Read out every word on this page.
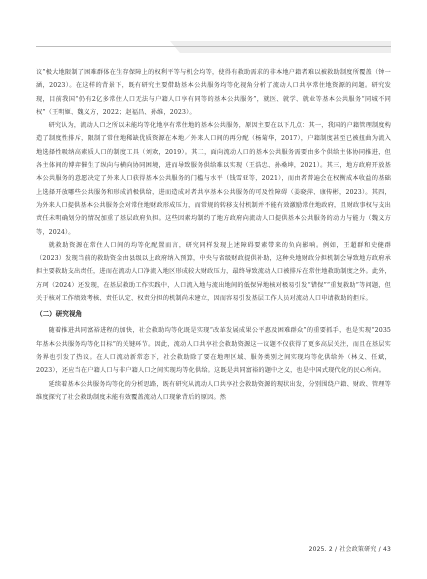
议”极大地限制了困难群体在生存保障上的权利平等与机会均等，使得有救助需求的非本地户籍者难以被救助制度所覆盖（钟一涵，2023）。在这样的背景下，既有研究主要借助基本公共服务均等化视角分析了流动人口共享常住地资源的问题。研究发现，目前我国“仍有2亿多常住人口无法与户籍人口享有同等的基本公共服务”，就医、就学、就业等基本公共服务“同城不同权”（王明姬、魏义方，2022；赵福昌、孙维，2023）。

研究认为，流动人口之所以未能均等化地享有常住地的基本公共服务，原因主要在以下几点：其一，我国的户籍管理制度构造了制度性排斥，限制了常住地稀缺优质资源在本地／外来人口间的再分配（杨菊华，2017），户籍制度甚至已被扭曲为流入地选择性吸纳高素质人口的制度工具（刘欢，2019）。其二，面向流动人口的基本公共服务需要由多个供给主体协同推进，但各主体间的博弈催生了纵向与横向协同困境，进而导致服务供给难以实现（王浩忠、孙桑坤，2021）。其三，地方政府开放基本公共服务的意愿决定了外来人口获得基本公共服务的门槛与水平（钱雪亚等，2021），而由者普遍会在权衡成本收益的基础上选择开放哪些公共服务和形成消极供给，进而造成对者共享基本公共服务的可及性障碍（姜晓萍、康传彬，2023）。其四，为外来人口提供基本公共服务会对常住地财政形成压力，而常规的转移支付机制并不能有效激励常住地政府，且财政事权与支出责任未明确划分的情况加重了基层政府负担。这些因素均制约了地方政府向流动人口提供基本公共服务的动力与能力（魏义方等，2024）。

就救助资源在常住人口间的均等化配置而言，研究同样发现上述障碍要素带来的负向影响。例如，王超群和史健群（2023）发现当前的救助资金由县级以上政府纳入预算，中央与省级财政提供补助，这种央地财政分担机制会导致地方政府承担主要救助支出责任，进而在流动人口净流入地区形成较大财政压力，最终导致流动人口被排斥在常住地救助制度之外。此外，方珂（2024）还发现，在基层救助工作实践中，人口流入地与流出地间的低保异地核对极易引发“错保”“重复救助”等问题，但关于核对工作绩效考核、责任认定、权责分担的机制尚未建立，因而容易引发基层工作人员对流动人口申请救助的拒斥。

（二）研究视角

随着推进共同富裕进程的加快，社会救助均等化既是实现“改革发展成果公平惠及困难群众”的重要抓手，也是实现“2035年基本公共服务均等化目标”的关键环节。因此，流动人口共享社会救助资源这一议题不仅获得了更多高层关注，而且在基层实务界也引发了热议。在人口流动新常态下，社会救助除了要在地理区域、服务类别之间实现均等化供给外（林义、任斌，2023），还应当在户籍人口与非户籍人口之间实现均等化供给。这既是共同富裕的题中之义，也是中国式现代化的民心所向。

延续着基本公共服务均等化的分析思路，既有研究从流动人口共享社会救助资源的现状出发，分别围绕户籍、财政、管理等维度探究了社会救助制度未能有效覆盖流动人口现象背后的原因。然

2025. 2 / 社会政策研究 / 43
